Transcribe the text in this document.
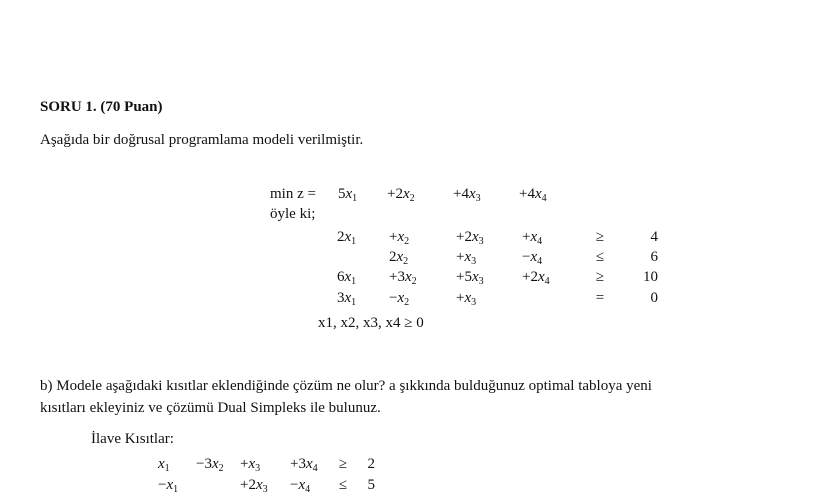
SORU 1. (70 Puan)
Aşağıda bir doğrusal programlama modeli verilmiştir.
$\min z = 5x_1 +2x_2$	$+4x_3$	$+4x_4$
öyle ki;
$2x_1 +x_2$	$+2x_3$	$+x_4$	≥	4
$2x_2$	$+x_3$	$-x_4$	≤	6
$6x_1 +3x_2$	$+5x_3$	$+2x_4$	≥	10
$3x_1 -x_2$	$+x_3$	=	0
x1, x2, x3, x4 ≥ 0
b) Modele aşağıdaki kısıtlar eklendiğinde çözüm ne olur? a şıkkında bulduğunuz optimal tabloya yeni
kısıtları ekleyiniz ve çözümü Dual Simpleks ile bulunuz.
İlave Kısıtlar:
$x_1 -3x_2 +x_3 +3x_4$	≥	2
$-x_1$	$+2x_3 -x_4$	≤	5
